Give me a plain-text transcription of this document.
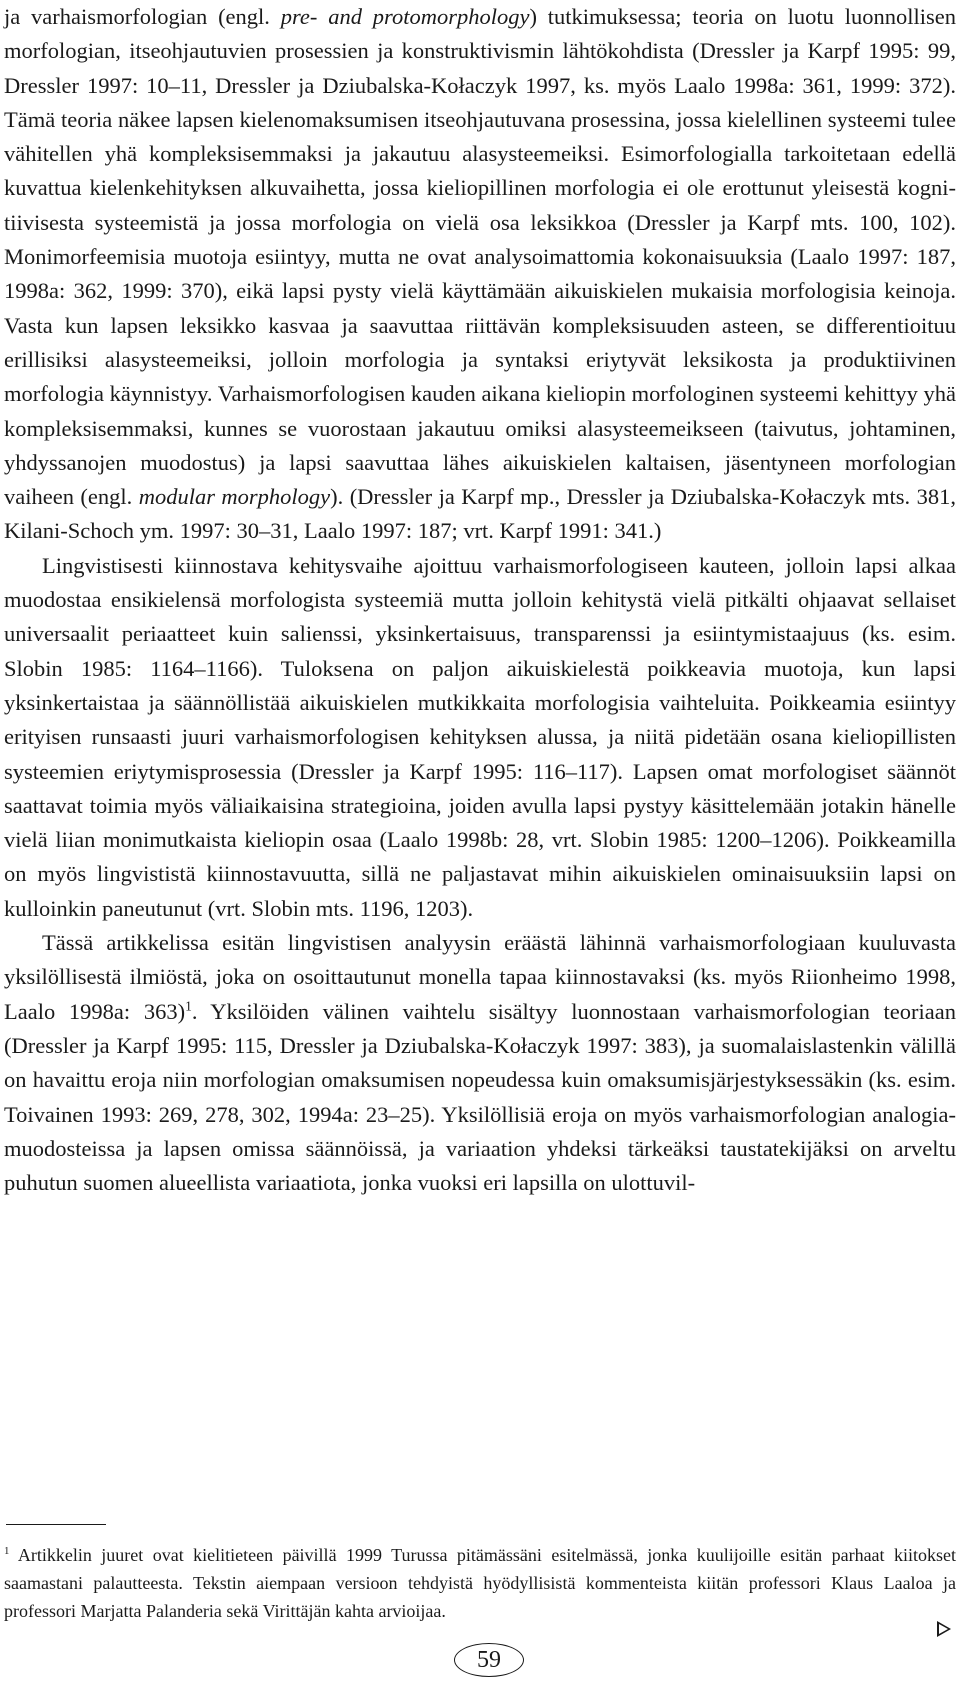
ja varhaismorfologian (engl. pre- and protomorphology) tutkimuksessa; teoria on luotu luonnollisen morfologian, itseohjautuvien prosessien ja konstruktivismin lähtökohdista (Dressler ja Karpf 1995: 99, Dressler 1997: 10–11, Dressler ja Dziubalska-Kołaczyk 1997, ks. myös Laalo 1998a: 361, 1999: 372). Tämä teoria näkee lapsen kielenomaksumisen itseohjautuvana prosessina, jossa kielellinen systeemi tulee vähitellen yhä kompleksisemmaksi ja jakautuu alasysteemeiksi. Esimorfologialla tarkoitetaan edellä kuvattua kielenkehityksen alkuvaihetta, jossa kieliopillinen morfologia ei ole erottunut yleisestä kognitiivisesta systeemistä ja jossa morfologia on vielä osa leksikkoa (Dressler ja Karpf mts. 100, 102). Monimorfeemisia muotoja esiintyy, mutta ne ovat analysoimattomia kokonaisuuksia (Laalo 1997: 187, 1998a: 362, 1999: 370), eikä lapsi pysty vielä käyttämään aikuiskielen mukaisia morfologisia keinoja. Vasta kun lapsen leksikko kasvaa ja saavuttaa riittävän kompleksisuuden asteen, se differentioituu erillisiksi alasysteemeiksi, jolloin morfologia ja syntaksi eriytyvät leksikosta ja produktiivinen morfologia käynnistyy. Varhaismorfologisen kauden aikana kieliopin morfologinen systeemi kehittyy yhä kompleksisemmaksi, kunnes se vuorostaan jakautuu omiksi alasysteemeikseen (taivutus, johtaminen, yhdyssanojen muodostus) ja lapsi saavuttaa lähes aikuiskielen kaltaisen, jäsentyneen morfologian vaiheen (engl. modular morphology). (Dressler ja Karpf mp., Dressler ja Dziubalska-Kołaczyk mts. 381, Kilani-Schoch ym. 1997: 30–31, Laalo 1997: 187; vrt. Karpf 1991: 341.)

Lingvistisesti kiinnostava kehitysvaihe ajoittuu varhaismorfologiseen kauteen, jolloin lapsi alkaa muodostaa ensikielensä morfologista systeemiä mutta jolloin kehitystä vielä pitkälti ohjaavat sellaiset universaalit periaatteet kuin salienssi, yksinkertaisuus, transparenssi ja esiintymistaajuus (ks. esim. Slobin 1985: 1164–1166). Tuloksena on paljon aikuiskielestä poikkeavia muotoja, kun lapsi yksinkertaistaa ja säännöllistää aikuiskielen mutkikkaita morfologisia vaihteluita. Poikkeamia esiintyy erityisen runsaasti juuri varhaismorfologisen kehityksen alussa, ja niitä pidetään osana kieliopillisten systeemien eriytymisprosessia (Dressler ja Karpf 1995: 116–117). Lapsen omat morfologiset säännöt saattavat toimia myös väliaikaisina strategioina, joiden avulla lapsi pystyy käsittelemään jotakin hänelle vielä liian monimutkaista kieliopin osaa (Laalo 1998b: 28, vrt. Slobin 1985: 1200–1206). Poikkeamilla on myös lingvististä kiinnostavuutta, sillä ne paljastavat mihin aikuiskielen ominaisuuksiin lapsi on kulloinkin paneutunut (vrt. Slobin mts. 1196, 1203).

Tässä artikkelissa esitän lingvistisen analyysin eräästä lähinnä varhaismorfologiaan kuuluvasta yksilöllisestä ilmiöstä, joka on osoittautunut monella tapaa kiinnostavaksi (ks. myös Riionheimo 1998, Laalo 1998a: 363)$^1$. Yksilöiden välinen vaihtelu sisältyy luonnostaan varhaismorfologian teoriaan (Dressler ja Karpf 1995: 115, Dressler ja Dziubalska-Kołaczyk 1997: 383), ja suomalaislastenkin välillä on havaittu eroja niin morfologian omaksumisen nopeudessa kuin omaksumisjärjestyksessäkin (ks. esim. Toivainen 1993: 269, 278, 302, 1994a: 23–25). Yksilöllisiä eroja on myös varhaismorfologian analogiamuodosteissa ja lapsen omissa säännöissä, ja variaation yhdeksi tärkeäksi taustatekijäksi on arveltu puhutun suomen alueellista variaatiota, jonka vuoksi eri lapsilla on ulottuvil-

$^1$ Artikkelin juuret ovat kielitieteen päivillä 1999 Turussa pitämässäni esitelmässä, jonka kuulijoille esitän parhaat kiitokset saamastani palautteesta. Tekstin aiempaan versioon tehdyistä hyödyllisistä kommenteista kiitän professori Klaus Laaloa ja professori Marjatta Palanderia sekä Virittäjän kahta arvioijaa.

59
